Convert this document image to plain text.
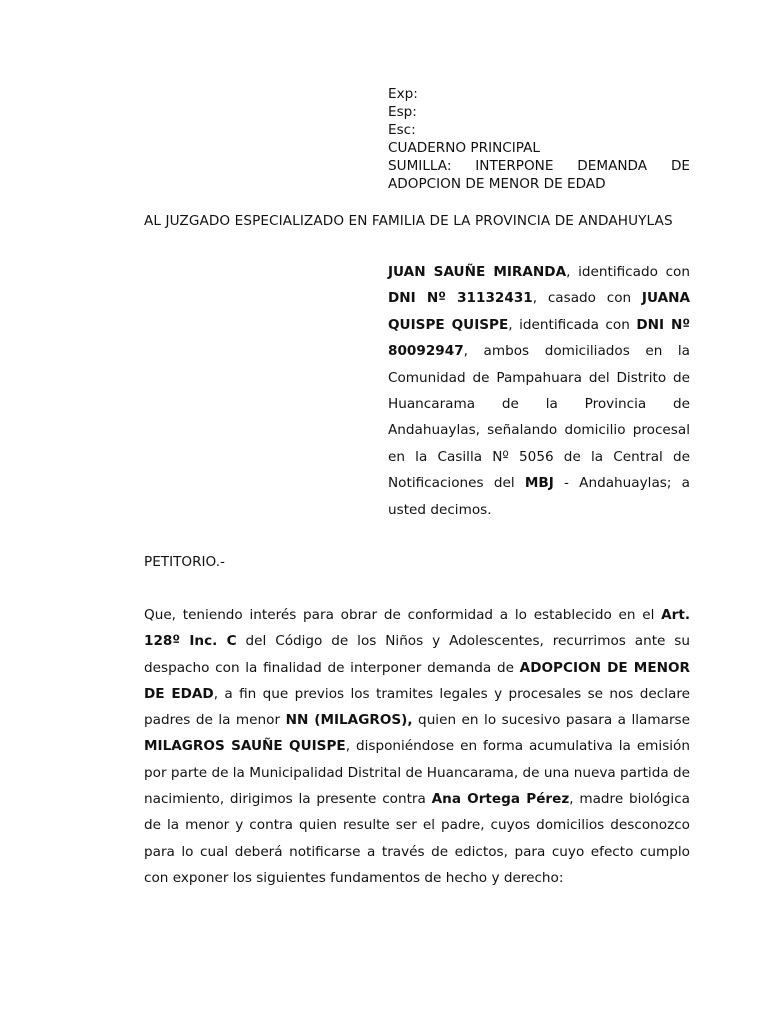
Exp:
Esp:
Esc:
CUADERNO PRINCIPAL
SUMILLA: INTERPONE DEMANDA DE
ADOPCION DE MENOR DE EDAD
AL JUZGADO ESPECIALIZADO EN FAMILIA DE LA PROVINCIA DE ANDAHUYLAS
JUAN SAUÑE MIRANDA, identificado con DNI Nº 31132431, casado con JUANA QUISPE QUISPE, identificada con DNI Nº 80092947, ambos domiciliados en la Comunidad de Pampahuara del Distrito de Huancarama de la Provincia de Andahuaylas, señalando domicilio procesal en la Casilla Nº 5056 de la Central de Notificaciones del MBJ - Andahuaylas; a usted decimos.
PETITORIO.-
Que, teniendo interés para obrar de conformidad a lo establecido en el Art. 128º Inc. C del Código de los Niños y Adolescentes, recurrimos ante su despacho con la finalidad de interponer demanda de ADOPCION DE MENOR DE EDAD, a fin que previos los tramites legales y procesales se nos declare padres de la menor NN (MILAGROS), quien en lo sucesivo pasara a llamarse MILAGROS SAUÑE QUISPE, disponiéndose en forma acumulativa la emisión por parte de la Municipalidad Distrital de Huancarama, de una nueva partida de nacimiento, dirigimos la presente contra Ana Ortega Pérez, madre biológica de la menor y contra quien resulte ser el padre, cuyos domicilios desconozco para lo cual deberá notificarse a través de edictos, para cuyo efecto cumplo con exponer los siguientes fundamentos de hecho y derecho:
